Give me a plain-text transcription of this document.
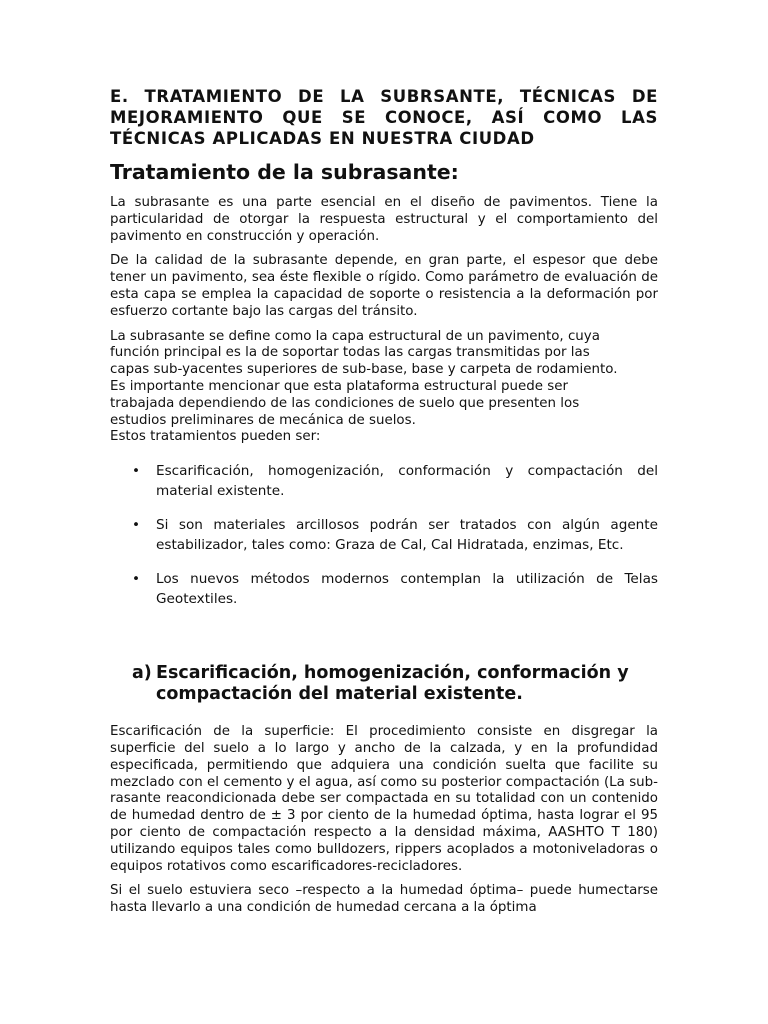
E. TRATAMIENTO DE LA SUBRSANTE, TÉCNICAS DE MEJORAMIENTO QUE SE CONOCE, ASÍ COMO LAS TÉCNICAS APLICADAS EN NUESTRA CIUDAD
Tratamiento de la subrasante:

La subrasante es una parte esencial en el diseño de pavimentos. Tiene la particularidad de otorgar la respuesta estructural y el comportamiento del pavimento en construcción y operación.

De la calidad de la subrasante depende, en gran parte, el espesor que debe tener un pavimento, sea éste flexible o rígido. Como parámetro de evaluación de esta capa se emplea la capacidad de soporte o resistencia a la deformación por esfuerzo cortante bajo las cargas del tránsito.

La subrasante se define como la capa estructural de un pavimento, cuya
función principal es la de soportar todas las cargas transmitidas por las
capas sub-yacentes superiores de sub-base, base y carpeta de rodamiento.
Es importante mencionar que esta plataforma estructural puede ser
trabajada dependiendo de las condiciones de suelo que presenten los
estudios preliminares de mecánica de suelos.
Estos tratamientos pueden ser:
• Escarificación, homogenización, conformación y compactación del material existente.
• Si son materiales arcillosos podrán ser tratados con algún agente estabilizador, tales como: Graza de Cal, Cal Hidratada, enzimas, Etc.
• Los nuevos métodos modernos contemplan la utilización de Telas Geotextiles.
a) Escarificación, homogenización, conformación y compactación del material existente.

Escarificación de la superficie: El procedimiento consiste en disgregar la superficie del suelo a lo largo y ancho de la calzada, y en la profundidad especificada, permitiendo que adquiera una condición suelta que facilite su mezclado con el cemento y el agua, así como su posterior compactación (La sub-rasante reacondicionada debe ser compactada en su totalidad con un contenido de humedad dentro de ± 3 por ciento de la humedad óptima, hasta lograr el 95 por ciento de compactación respecto a la densidad máxima, AASHTO T 180) utilizando equipos tales como bulldozers, rippers acoplados a motoniveladoras o equipos rotativos como escarificadores-recicladores.

Si el suelo estuviera seco –respecto a la humedad óptima– puede humectarse hasta llevarlo a una condición de humedad cercana a la óptima
